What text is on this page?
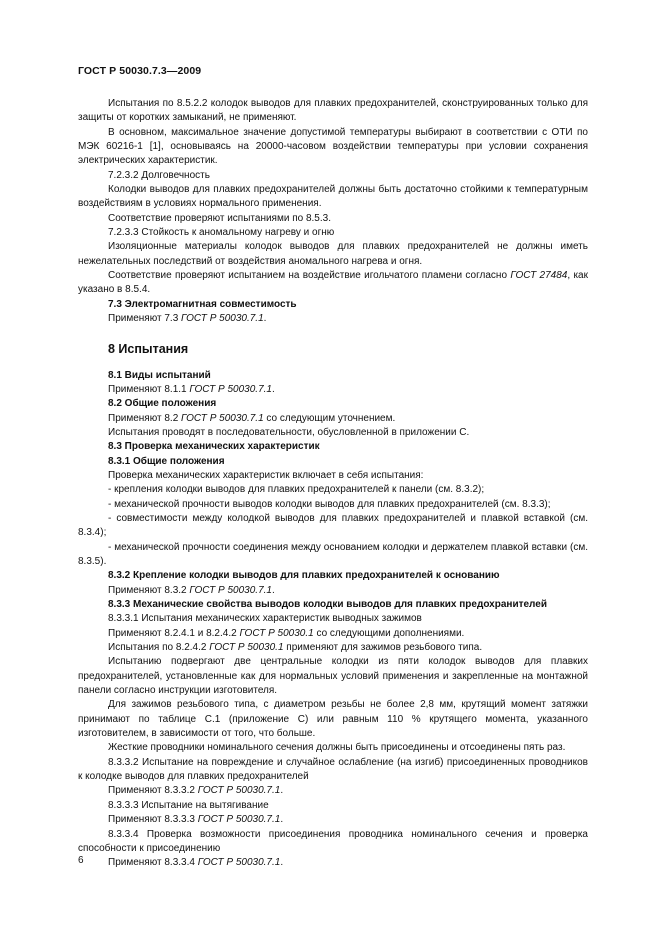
ГОСТ Р 50030.7.3—2009

Испытания по 8.5.2.2 колодок выводов для плавких предохранителей, сконструированных только для защиты от коротких замыканий, не применяют.

В основном, максимальное значение допустимой температуры выбирают в соответствии с ОТИ по МЭК 60216-1 [1], основываясь на 20000-часовом воздействии температуры при условии сохранения электрических характеристик.

7.2.3.2 Долговечность

Колодки выводов для плавких предохранителей должны быть достаточно стойкими к температурным воздействиям в условиях нормального применения.

Соответствие проверяют испытаниями по 8.5.3.

7.2.3.3 Стойкость к аномальному нагреву и огню

Изоляционные материалы колодок выводов для плавких предохранителей не должны иметь нежелательных последствий от воздействия аномального нагрева и огня.

Соответствие проверяют испытанием на воздействие игольчатого пламени согласно ГОСТ 27484, как указано в 8.5.4.

7.3 Электромагнитная совместимость

Применяют 7.3 ГОСТ Р 50030.7.1.

8 Испытания

8.1 Виды испытаний

Применяют 8.1.1 ГОСТ Р 50030.7.1.

8.2 Общие положения

Применяют 8.2 ГОСТ Р 50030.7.1 со следующим уточнением.

Испытания проводят в последовательности, обусловленной в приложении С.

8.3 Проверка механических характеристик

8.3.1 Общие положения

Проверка механических характеристик включает в себя испытания:

- крепления колодки выводов для плавких предохранителей к панели (см. 8.3.2);

- механической прочности выводов колодки выводов для плавких предохранителей (см. 8.3.3);

- совместимости между колодкой выводов для плавких предохранителей и плавкой вставкой (см. 8.3.4);

- механической прочности соединения между основанием колодки и держателем плавкой вставки (см. 8.3.5).

8.3.2 Крепление колодки выводов для плавких предохранителей к основанию

Применяют 8.3.2 ГОСТ Р 50030.7.1.

8.3.3 Механические свойства выводов колодки выводов для плавких предохранителей

8.3.3.1 Испытания механических характеристик выводных зажимов

Применяют 8.2.4.1 и 8.2.4.2 ГОСТ Р 50030.1 со следующими дополнениями.

Испытания по 8.2.4.2 ГОСТ Р 50030.1 применяют для зажимов резьбового типа.

Испытанию подвергают две центральные колодки из пяти колодок выводов для плавких предохранителей, установленные как для нормальных условий применения и закрепленные на монтажной панели согласно инструкции изготовителя.

Для зажимов резьбового типа, с диаметром резьбы не более 2,8 мм, крутящий момент затяжки принимают по таблице С.1 (приложение С) или равным 110 % крутящего момента, указанного изготовителем, в зависимости от того, что больше.

Жесткие проводники номинального сечения должны быть присоединены и отсоединены пять раз.

8.3.3.2 Испытание на повреждение и случайное ослабление (на изгиб) присоединенных проводников к колодке выводов для плавких предохранителей

Применяют 8.3.3.2 ГОСТ Р 50030.7.1.

8.3.3.3 Испытание на вытягивание

Применяют 8.3.3.3 ГОСТ Р 50030.7.1.

8.3.3.4 Проверка возможности присоединения проводника номинального сечения и проверка способности к присоединению

Применяют 8.3.3.4 ГОСТ Р 50030.7.1.

6
